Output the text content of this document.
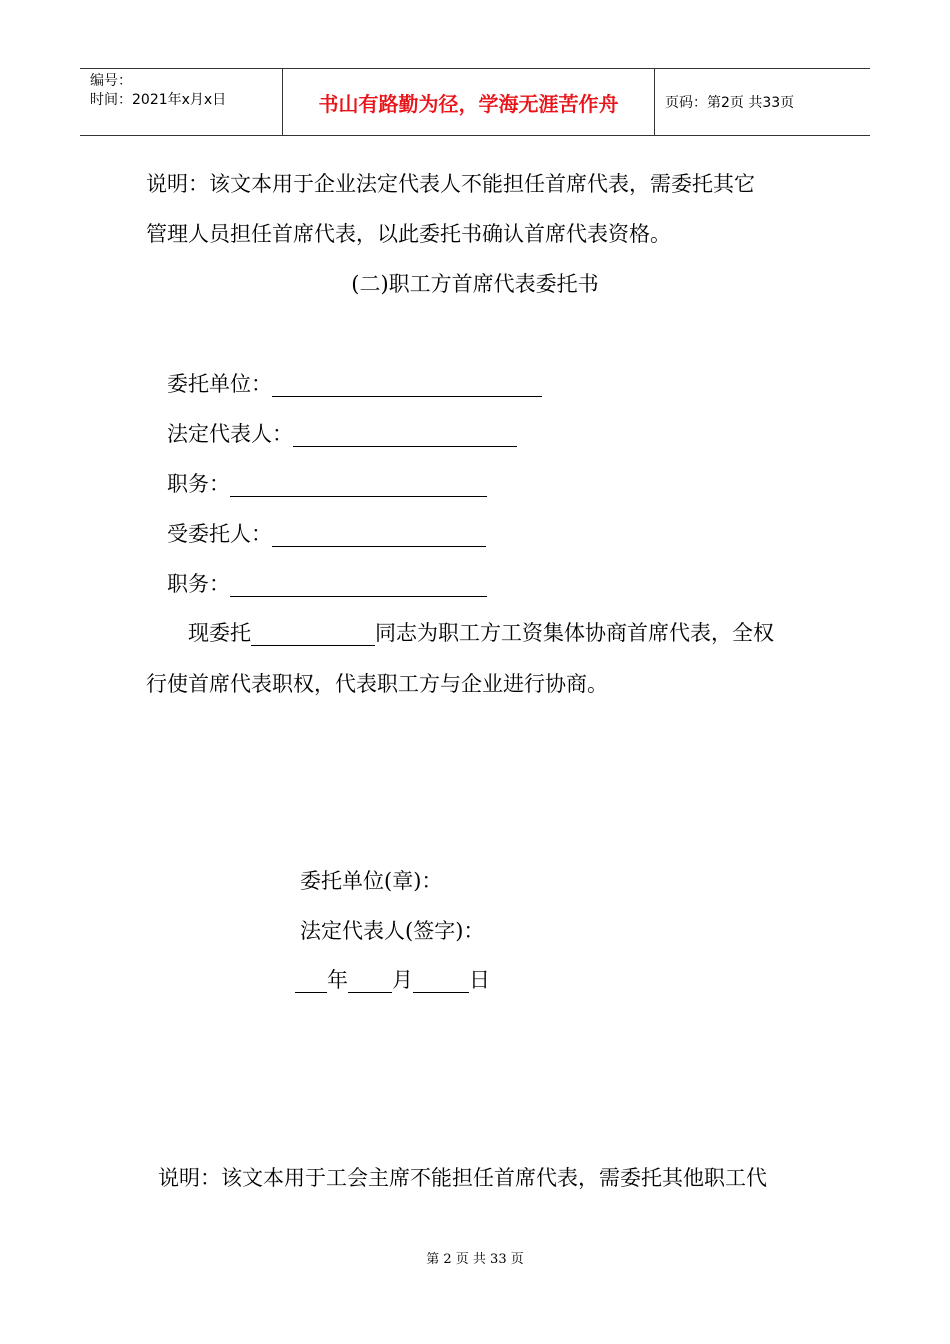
编号：
时间：2021年x月x日	书山有路勤为径，学海无涯苦作舟	页码：第2页 共33页
说明：该文本用于企业法定代表人不能担任首席代表，需委托其它
管理人员担任首席代表，以此委托书确认首席代表资格。
(二)职工方首席代表委托书
委托单位：
法定代表人：
职务：
受委托人：
职务：
现委托	同志为职工方工资集体协商首席代表，全权
行使首席代表职权，代表职工方与企业进行协商。
委托单位(章)：
法定代表人(签字)：
年 月	日
说明：该文本用于工会主席不能担任首席代表，需委托其他职工代
第 2 页 共 33 页
